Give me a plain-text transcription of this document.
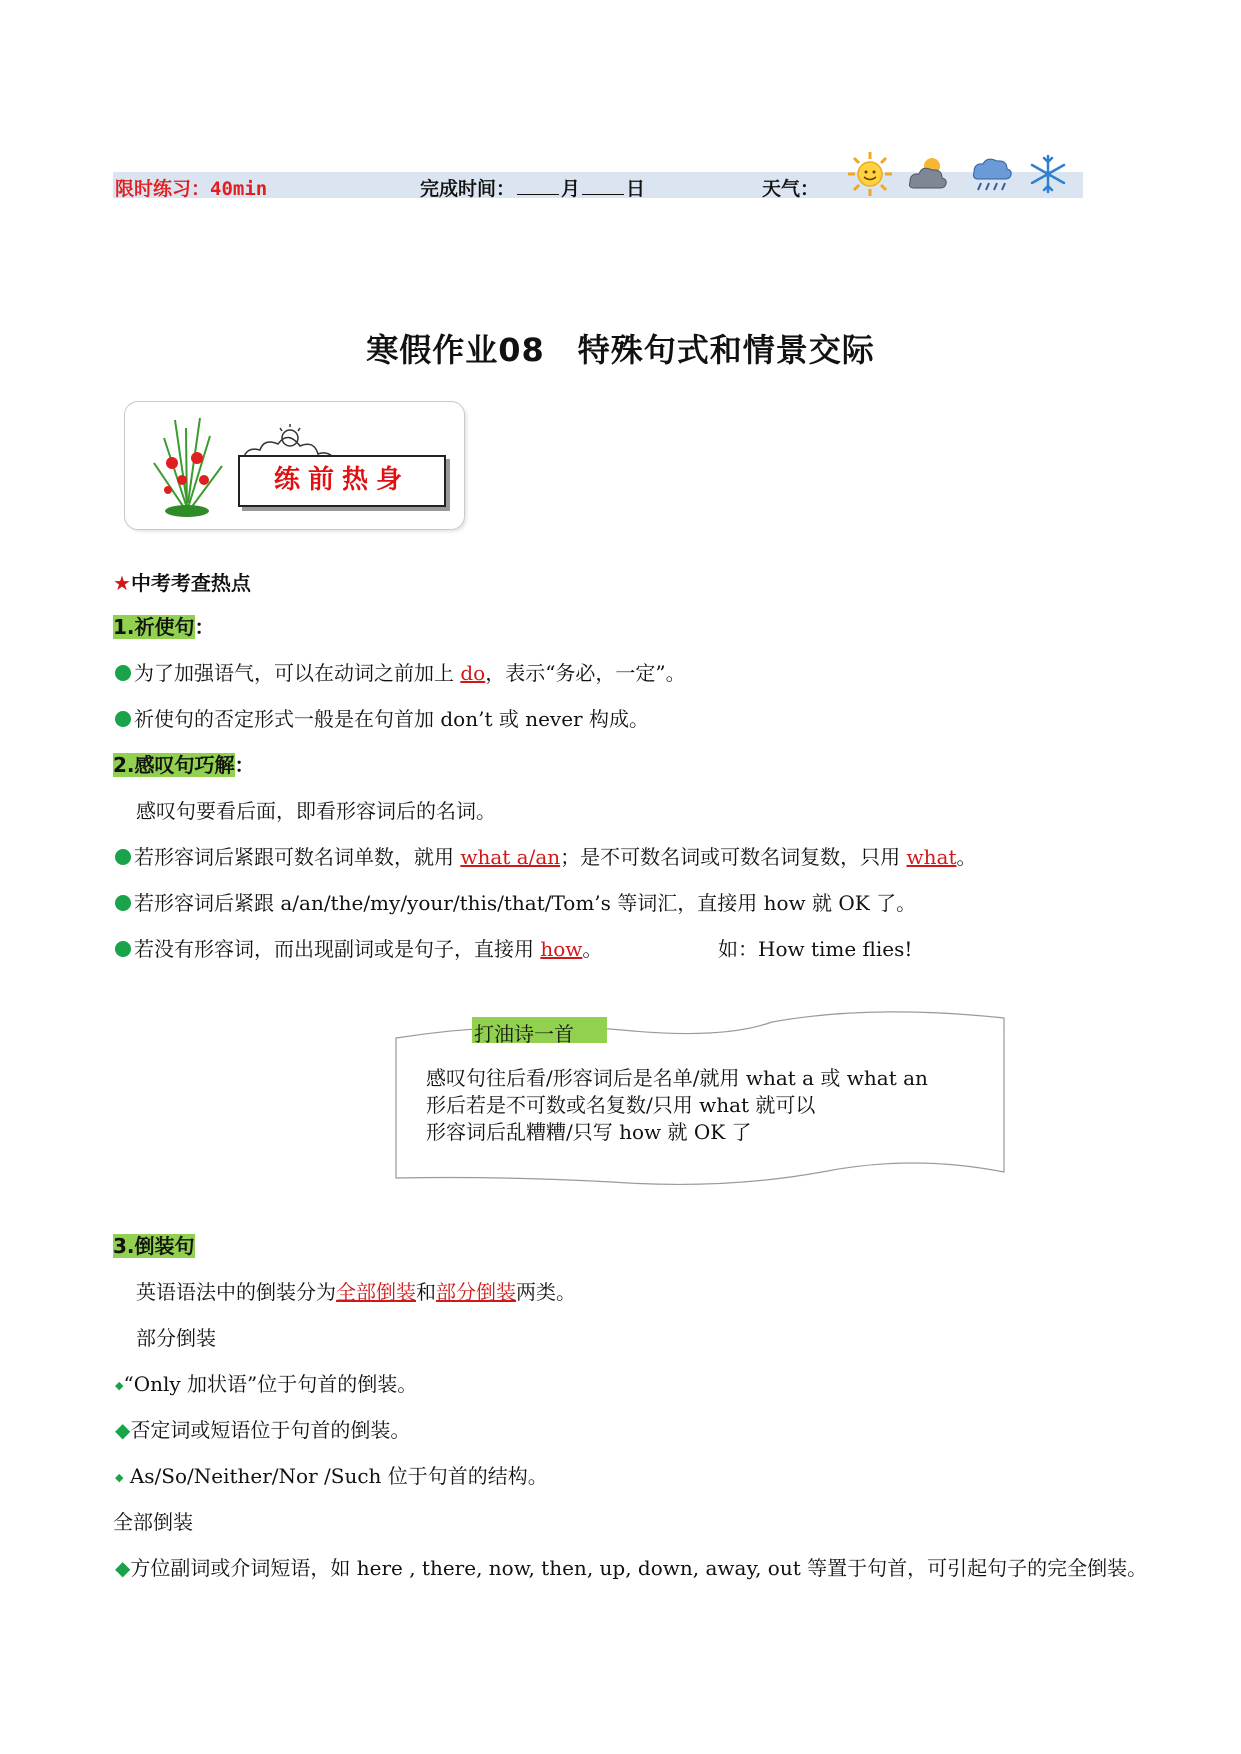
限时练习：40min	完成时间： 月 日	天气：
寒假作业08　特殊句式和情景交际
练前热身
★中考考查热点
1.祈使句：
为了加强语气，可以在动词之前加上 do，表示“务必，一定”。
祈使句的否定形式一般是在句首加 don’t 或 never 构成。
2.感叹句巧解：
感叹句要看后面，即看形容词后的名词。
若形容词后紧跟可数名词单数，就用 what a/an；是不可数名词或可数名词复数，只用 what。
若形容词后紧跟 a/an/the/my/your/this/that/Tom’s 等词汇，直接用 how 就 OK 了。
若没有形容词，而出现副词或是句子，直接用 how。	如：How time flies!
打油诗一首
感叹句往后看/形容词后是名单/就用 what a 或 what an
形后若是不可数或名复数/只用 what 就可以
形容词后乱糟糟/只写 how 就 OK 了
3.倒装句
英语语法中的倒装分为全部倒装和部分倒装两类。
部分倒装
◆“Only 加状语”位于句首的倒装。
◆否定词或短语位于句首的倒装。
◆ As/So/Neither/Nor /Such 位于句首的结构。
全部倒装
◆方位副词或介词短语，如 here , there, now, then, up, down, away, out 等置于句首，可引起句子的完全倒装。
